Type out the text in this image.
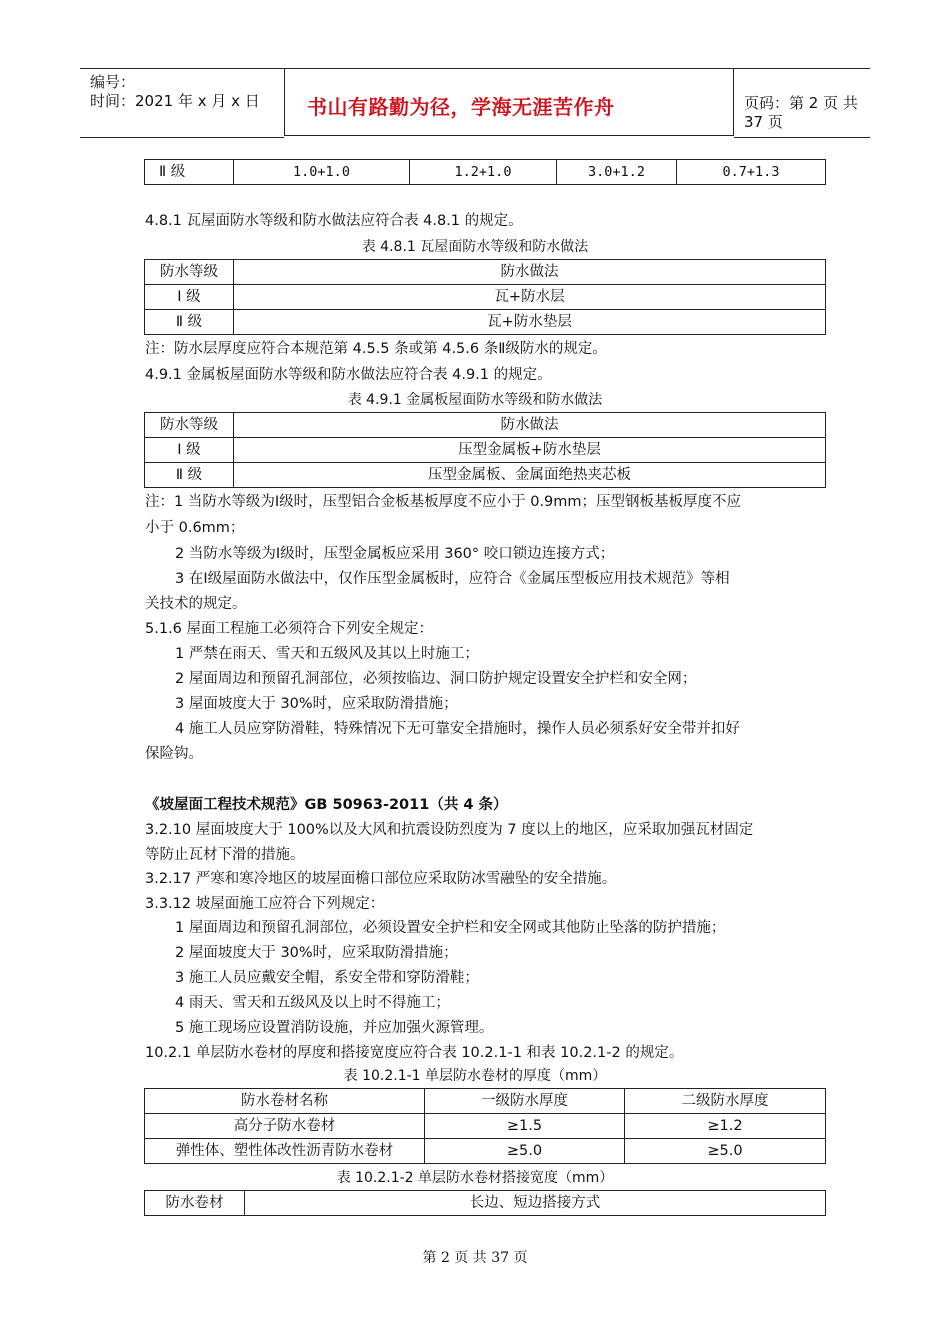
编号：
时间：2021 年 x 月 x 日 书山有路勤为径，学海无涯苦作舟	页码：第 2 页 共 37 页
Ⅱ 级	1.0+1.0	1.2+1.0	3.0+1.2	0.7+1.3
4.8.1 瓦屋面防水等级和防水做法应符合表 4.8.1 的规定。
表 4.8.1 瓦屋面防水等级和防水做法
防水等级	防水做法
Ⅰ 级	瓦+防水层
Ⅱ 级	瓦+防水垫层
注：防水层厚度应符合本规范第 4.5.5 条或第 4.5.6 条Ⅱ级防水的规定。
4.9.1 金属板屋面防水等级和防水做法应符合表 4.9.1 的规定。
表 4.9.1 金属板屋面防水等级和防水做法
防水等级	防水做法
Ⅰ 级	压型金属板+防水垫层
Ⅱ 级	压型金属板、金属面绝热夹芯板
注：1 当防水等级为Ⅰ级时，压型铝合金板基板厚度不应小于 0.9mm；压型钢板基板厚度不应
小于 0.6mm；
2 当防水等级为Ⅰ级时，压型金属板应采用 360° 咬口锁边连接方式；
3 在Ⅰ级屋面防水做法中，仅作压型金属板时，应符合《金属压型板应用技术规范》等相
关技术的规定。
5.1.6 屋面工程施工必须符合下列安全规定：
1 严禁在雨天、雪天和五级风及其以上时施工；
2 屋面周边和预留孔洞部位，必须按临边、洞口防护规定设置安全护栏和安全网；
3 屋面坡度大于 30%时，应采取防滑措施；
4 施工人员应穿防滑鞋，特殊情况下无可靠安全措施时，操作人员必须系好安全带并扣好
保险钩。
《坡屋面工程技术规范》GB 50963-2011（共 4 条）
3.2.10 屋面坡度大于 100%以及大风和抗震设防烈度为 7 度以上的地区，应采取加强瓦材固定
等防止瓦材下滑的措施。
3.2.17 严寒和寒冷地区的坡屋面檐口部位应采取防冰雪融坠的安全措施。
3.3.12 坡屋面施工应符合下列规定：
1 屋面周边和预留孔洞部位，必须设置安全护栏和安全网或其他防止坠落的防护措施；
2 屋面坡度大于 30%时，应采取防滑措施；
3 施工人员应戴安全帽，系安全带和穿防滑鞋；
4 雨天、雪天和五级风及以上时不得施工；
5 施工现场应设置消防设施，并应加强火源管理。
10.2.1 单层防水卷材的厚度和搭接宽度应符合表 10.2.1-1 和表 10.2.1-2 的规定。
表 10.2.1-1 单层防水卷材的厚度（mm）
防水卷材名称	一级防水厚度	二级防水厚度
高分子防水卷材	≥1.5	≥1.2
弹性体、塑性体改性沥青防水卷材	≥5.0	≥5.0
表 10.2.1-2 单层防水卷材搭接宽度（mm）
防水卷材	长边、短边搭接方式
第 2 页 共 37 页
